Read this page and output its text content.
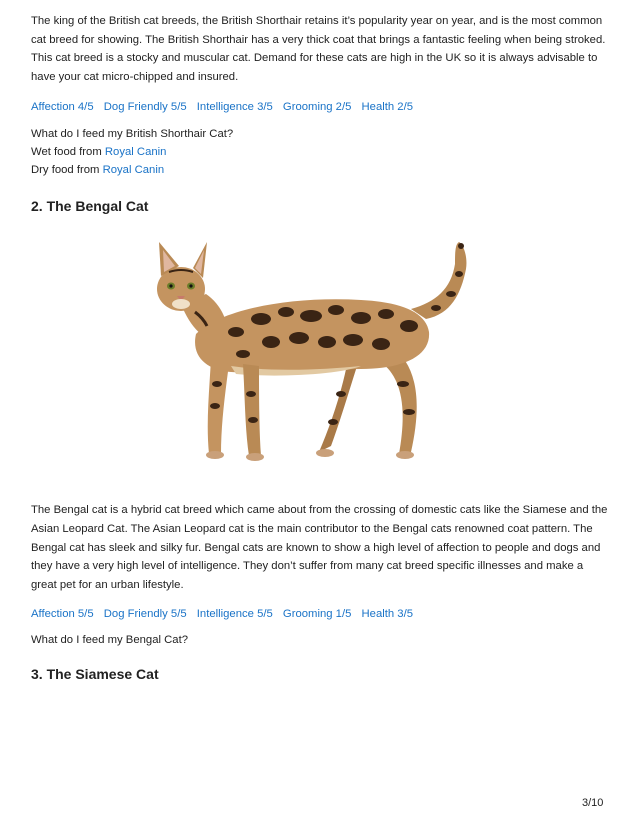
The king of the British cat breeds, the British Shorthair retains it’s popularity year on year, and is the most common cat breed for showing. The British Shorthair has a very thick coat that brings a fantastic feeling when being stroked. This cat breed is a stocky and muscular cat. Demand for these cats are high in the UK so it is always advisable to have your cat micro-chipped and insured.

Affection 4/5 Dog Friendly 5/5 Intelligence 3/5 Grooming 2/5 Health 2/5
What do I feed my British Shorthair Cat?
Wet food from Royal Canin
Dry food from Royal Canin
2. The Bengal Cat

The Bengal cat is a hybrid cat breed which came about from the crossing of domestic cats like the Siamese and the Asian Leopard Cat. The Asian Leopard cat is the main contributor to the Bengal cats renowned coat pattern. The Bengal cat has sleek and silky fur. Bengal cats are known to show a high level of affection to people and dogs and they have a very high level of intelligence. They don’t suffer from many cat breed specific illnesses and make a great pet for an urban lifestyle.

Affection 5/5 Dog Friendly 5/5 Intelligence 5/5 Grooming 1/5 Health 3/5
What do I feed my Bengal Cat?
3. The Siamese Cat
3/10
